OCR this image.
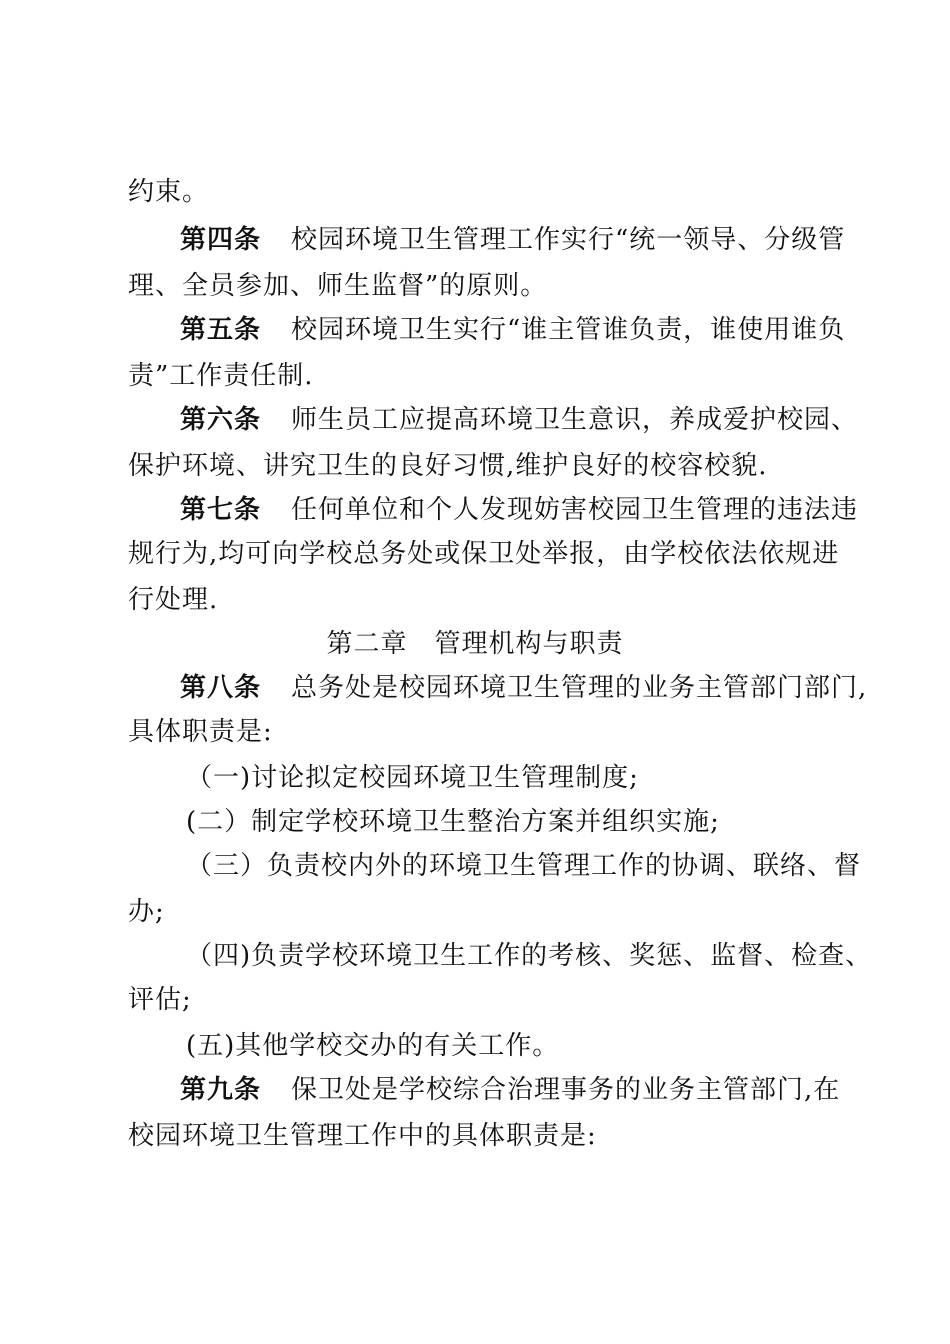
约束。
第四条 校园环境卫生管理工作实行“统一领导、分级管
理、全员参加、师生监督”的原则。
第五条 校园环境卫生实行“谁主管谁负责，谁使用谁负
责”工作责任制.
第六条 师生员工应提高环境卫生意识，养成爱护校园、
保护环境、讲究卫生的良好习惯,维护良好的校容校貌.
第七条 任何单位和个人发现妨害校园卫生管理的违法违
规行为,均可向学校总务处或保卫处举报，由学校依法依规进
行处理.
第二章　管理机构与职责
第八条 总务处是校园环境卫生管理的业务主管部门部门,
具体职责是:
（一)讨论拟定校园环境卫生管理制度;
(二）制定学校环境卫生整治方案并组织实施;
（三）负责校内外的环境卫生管理工作的协调、联络、督
办;
（四)负责学校环境卫生工作的考核、奖惩、监督、检查、
评估;
(五)其他学校交办的有关工作。
第九条 保卫处是学校综合治理事务的业务主管部门,在
校园环境卫生管理工作中的具体职责是:
